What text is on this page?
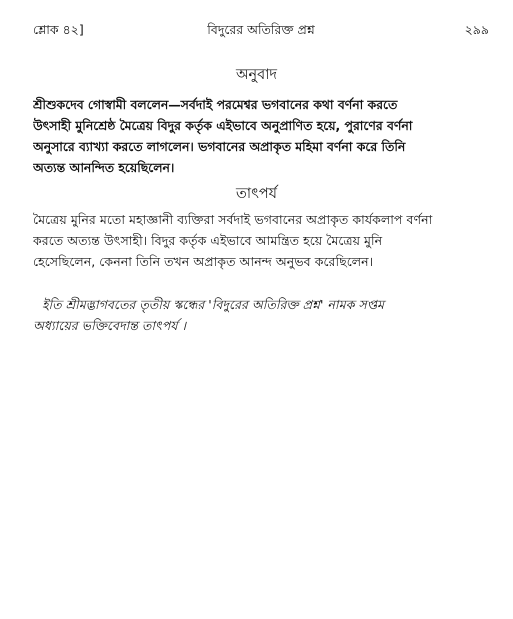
শ্লোক ৪২]	বিদুরের অতিরিক্ত প্রশ্ন	২৯৯
অনুবাদ
শ্রীশুকদেব গোস্বামী বললেন—সর্বদাই পরমেশ্বর ভগবানের কথা বর্ণনা করতে
উৎসাহী মুনিশ্রেষ্ঠ মৈত্রেয় বিদুর কর্তৃক এইভাবে অনুপ্রাণিত হয়ে, পুরাণের বর্ণনা
অনুসারে ব্যাখ্যা করতে লাগলেন। ভগবানের অপ্রাকৃত মহিমা বর্ণনা করে তিনি
অত্যন্ত আনন্দিত হয়েছিলেন।
তাৎপর্য
মৈত্রেয় মুনির মতো মহাজ্ঞানী ব্যক্তিরা সর্বদাই ভগবানের অপ্রাকৃত কার্যকলাপ বর্ণনা
করতে অত্যন্ত উৎসাহী। বিদুর কর্তৃক এইভাবে আমন্ত্রিত হয়ে মৈত্রেয় মুনি
হেসেছিলেন, কেননা তিনি তখন অপ্রাকৃত আনন্দ অনুভব করেছিলেন।
ইতি শ্রীমদ্ভাগবতের তৃতীয় স্কন্ধের 'বিদুরের অতিরিক্ত প্রশ্ন' নামক সপ্তম
অধ্যায়ের ভক্তিবেদান্ত তাৎপর্য ।
